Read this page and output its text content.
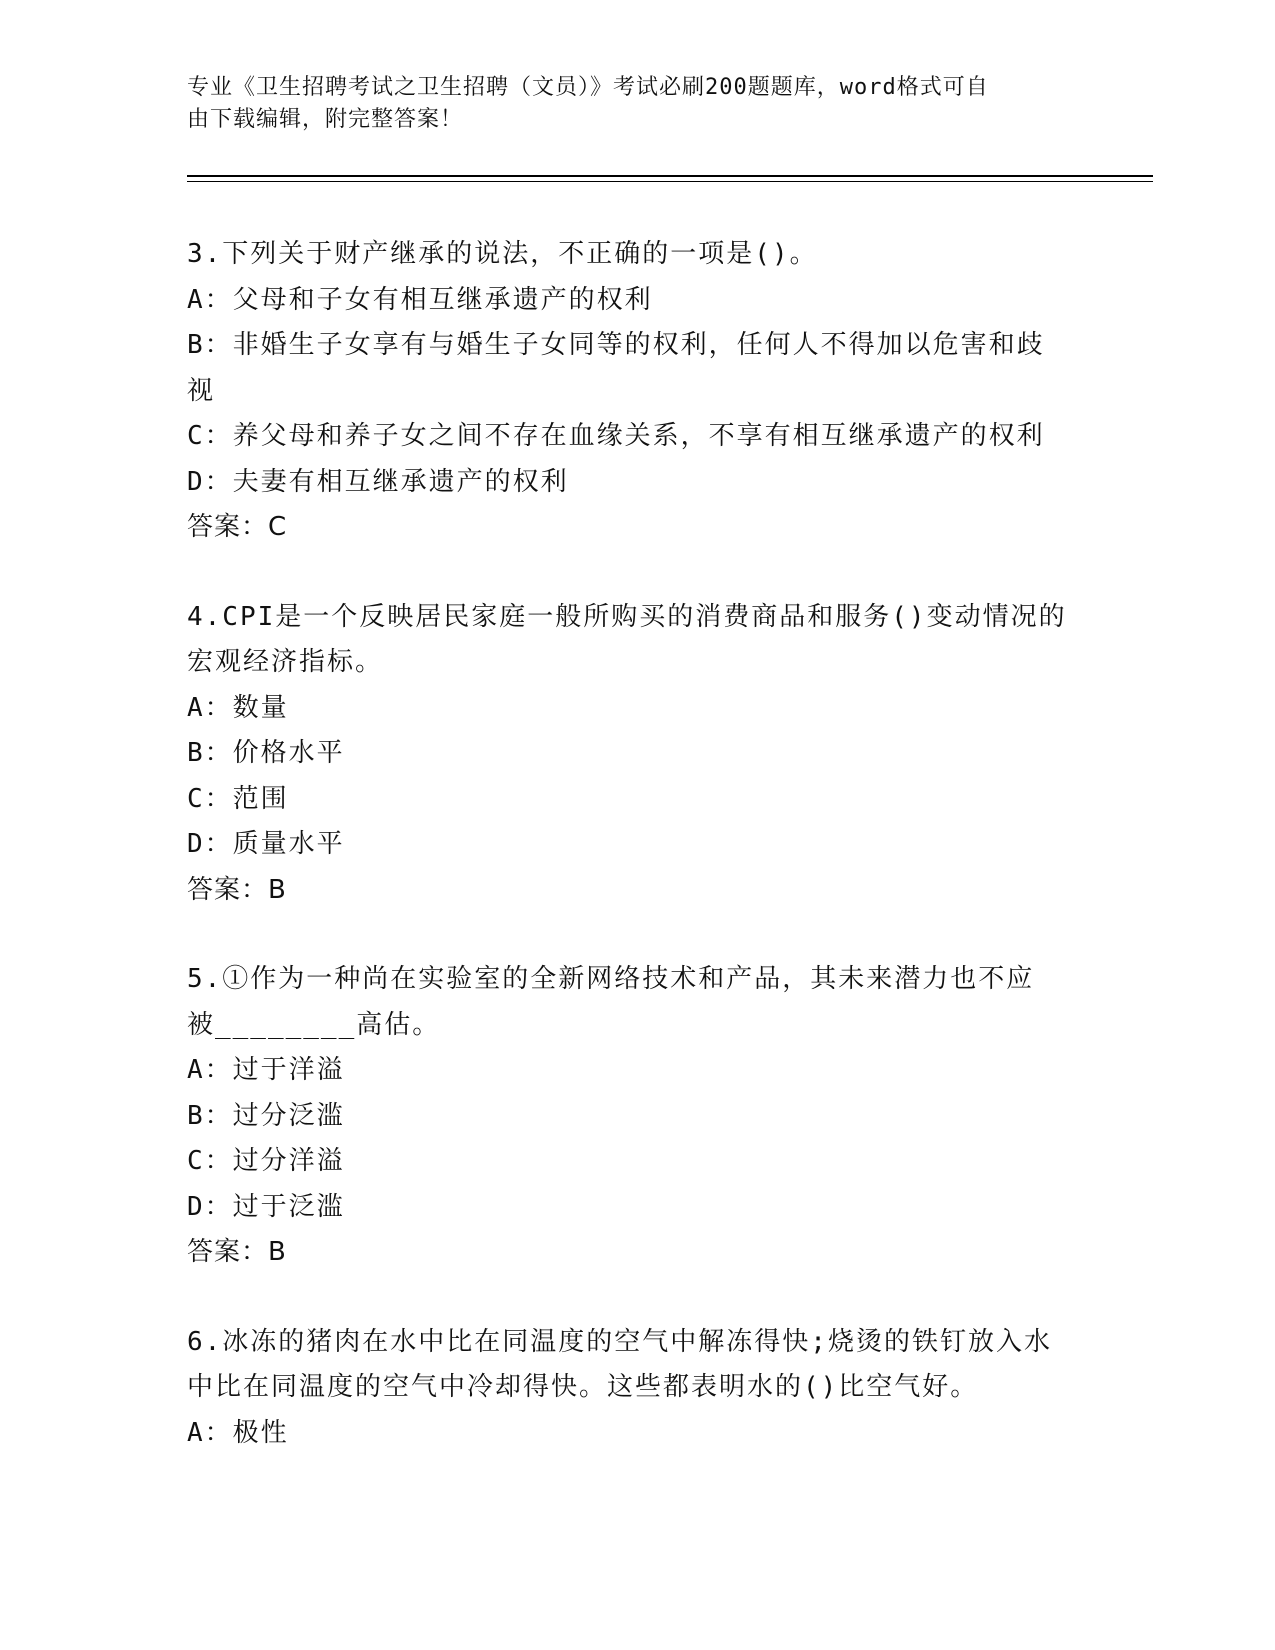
专业《卫生招聘考试之卫生招聘（文员）》考试必刷200题题库，word格式可自
由下载编辑，附完整答案！
3.下列关于财产继承的说法，不正确的一项是()。
A：父母和子女有相互继承遗产的权利
B：非婚生子女享有与婚生子女同等的权利，任何人不得加以危害和歧
视
C：养父母和养子女之间不存在血缘关系，不享有相互继承遗产的权利
D：夫妻有相互继承遗产的权利
答案：C
4.CPI是一个反映居民家庭一般所购买的消费商品和服务()变动情况的
宏观经济指标。
A：数量
B：价格水平
C：范围
D：质量水平
答案：B
5.①作为一种尚在实验室的全新网络技术和产品，其未来潜力也不应
被________高估。
A：过于洋溢
B：过分泛滥
C：过分洋溢
D：过于泛滥
答案：B
6.冰冻的猪肉在水中比在同温度的空气中解冻得快;烧烫的铁钉放入水
中比在同温度的空气中冷却得快。这些都表明水的()比空气好。
A：极性
